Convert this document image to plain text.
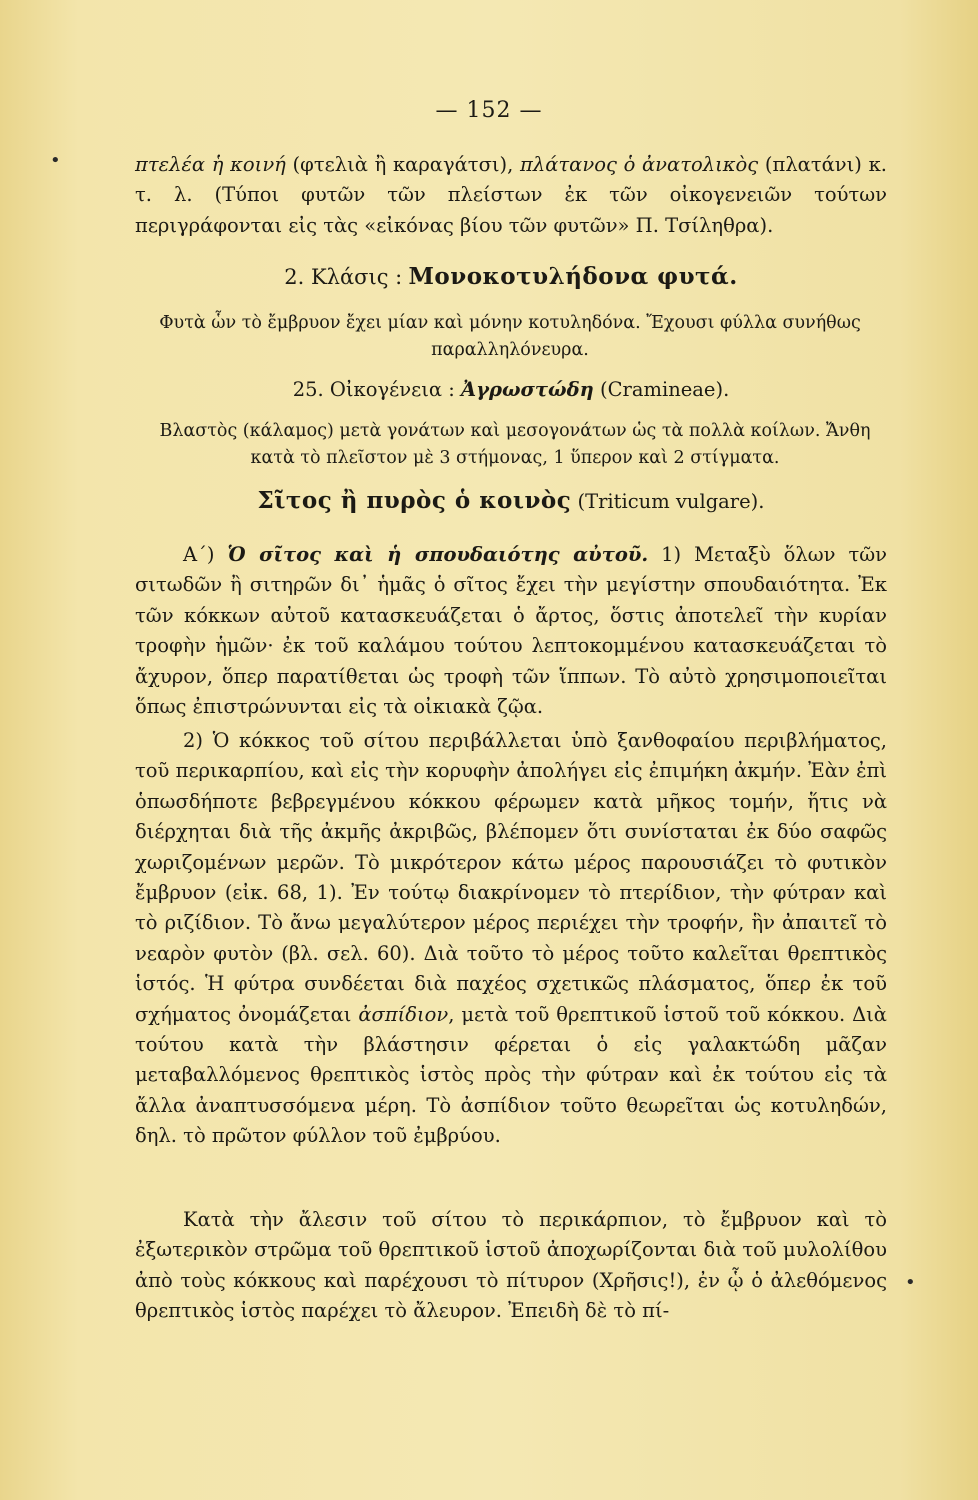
— 152 —
πτελέα ἡ κοινή (φτελιὰ ἢ καραγάτσι), πλάτανος ὁ ἀνατολικὸς (πλατάνι) κ. τ. λ. (Τύποι φυτῶν τῶν πλείστων ἐκ τῶν οἰκογενειῶν τούτων περιγράφονται εἰς τὰς «εἰκόνας βίου τῶν φυτῶν» Π. Τσίληθρα).
2. Κλάσις : Μονοκοτυλήδονα φυτά.
Φυτὰ ὧν τὸ ἔμβρυον ἔχει μίαν καὶ μόνην κοτυληδόνα. Ἔχουσι φύλλα συνήθως παραλληλόνευρα.
25. Οἰκογένεια : Ἀγρωστώδη (Cramineae).
Βλαστὸς (κάλαμος) μετὰ γονάτων καὶ μεσογονάτων ὡς τὰ πολλὰ κοίλων. Ἄνθη κατὰ τὸ πλεῖστον μὲ 3 στήμονας, 1 ὕπερον καὶ 2 στίγματα.
Σῖτος ἢ πυρὸς ὁ κοινὸς (Triticum vulgare).
Α΄) Ὁ σῖτος καὶ ἡ σπουδαιότης αὐτοῦ. 1) Μεταξὺ ὅλων τῶν σιτωδῶν ἢ σιτηρῶν δι᾽ ἡμᾶς ὁ σῖτος ἔχει τὴν μεγίστην σπουδαιότητα. Ἐκ τῶν κόκκων αὐτοῦ κατασκευάζεται ὁ ἄρτος, ὅστις ἀποτελεῖ τὴν κυρίαν τροφὴν ἡμῶν· ἐκ τοῦ καλάμου τούτου λεπτοκομμένου κατασκευάζεται τὸ ἄχυρον, ὅπερ παρατίθεται ὡς τροφὴ τῶν ἵππων. Τὸ αὐτὸ χρησιμοποιεῖται ὅπως ἐπιστρώνυνται εἰς τὰ οἰκιακὰ ζῷα.
2) Ὁ κόκκος τοῦ σίτου περιβάλλεται ὑπὸ ξανθοφαίου περιβλήματος, τοῦ περικαρπίου, καὶ εἰς τὴν κορυφὴν ἀπολήγει εἰς ἐπιμήκη ἀκμήν. Ἐὰν ἐπὶ ὁπωσδήποτε βεβρεγμένου κόκκου φέρωμεν κατὰ μῆκος τομήν, ἥτις νὰ διέρχηται διὰ τῆς ἀκμῆς ἀκριβῶς, βλέπομεν ὅτι συνίσταται ἐκ δύο σαφῶς χωριζομένων μερῶν. Τὸ μικρότερον κάτω μέρος παρουσιάζει τὸ φυτικὸν ἔμβρυον (εἰκ. 68, 1). Ἐν τούτῳ διακρίνομεν τὸ πτερίδιον, τὴν φύτραν καὶ τὸ ριζίδιον. Τὸ ἄνω μεγαλύτερον μέρος περιέχει τὴν τροφήν, ἣν ἀπαιτεῖ τὸ νεαρὸν φυτὸν (βλ. σελ. 60). Διὰ τοῦτο τὸ μέρος τοῦτο καλεῖται θρεπτικὸς ἱστός. Ἡ φύτρα συνδέεται διὰ παχέος σχετικῶς πλάσματος, ὅπερ ἐκ τοῦ σχήματος ὀνομάζεται ἀσπίδιον, μετὰ τοῦ θρεπτικοῦ ἱστοῦ τοῦ κόκκου. Διὰ τούτου κατὰ τὴν βλάστησιν φέρεται ὁ εἰς γαλακτώδη μᾶζαν μεταβαλλόμενος θρεπτικὸς ἱστὸς πρὸς τὴν φύτραν καὶ ἐκ τούτου εἰς τὰ ἄλλα ἀναπτυσσόμενα μέρη. Τὸ ἀσπίδιον τοῦτο θεωρεῖται ὡς κοτυληδών, δηλ. τὸ πρῶτον φύλλον τοῦ ἐμβρύου.
Κατὰ τὴν ἄλεσιν τοῦ σίτου τὸ περικάρπιον, τὸ ἔμβρυον καὶ τὸ ἐξωτερικὸν στρῶμα τοῦ θρεπτικοῦ ἱστοῦ ἀποχωρίζονται διὰ τοῦ μυλολίθου ἀπὸ τοὺς κόκκους καὶ παρέχουσι τὸ πίτυρον (Χρῆσις!), ἐν ᾧ ὁ ἀλεθόμενος θρεπτικὸς ἱστὸς παρέχει τὸ ἄλευρον. Ἐπειδὴ δὲ τὸ πί-
•
•
